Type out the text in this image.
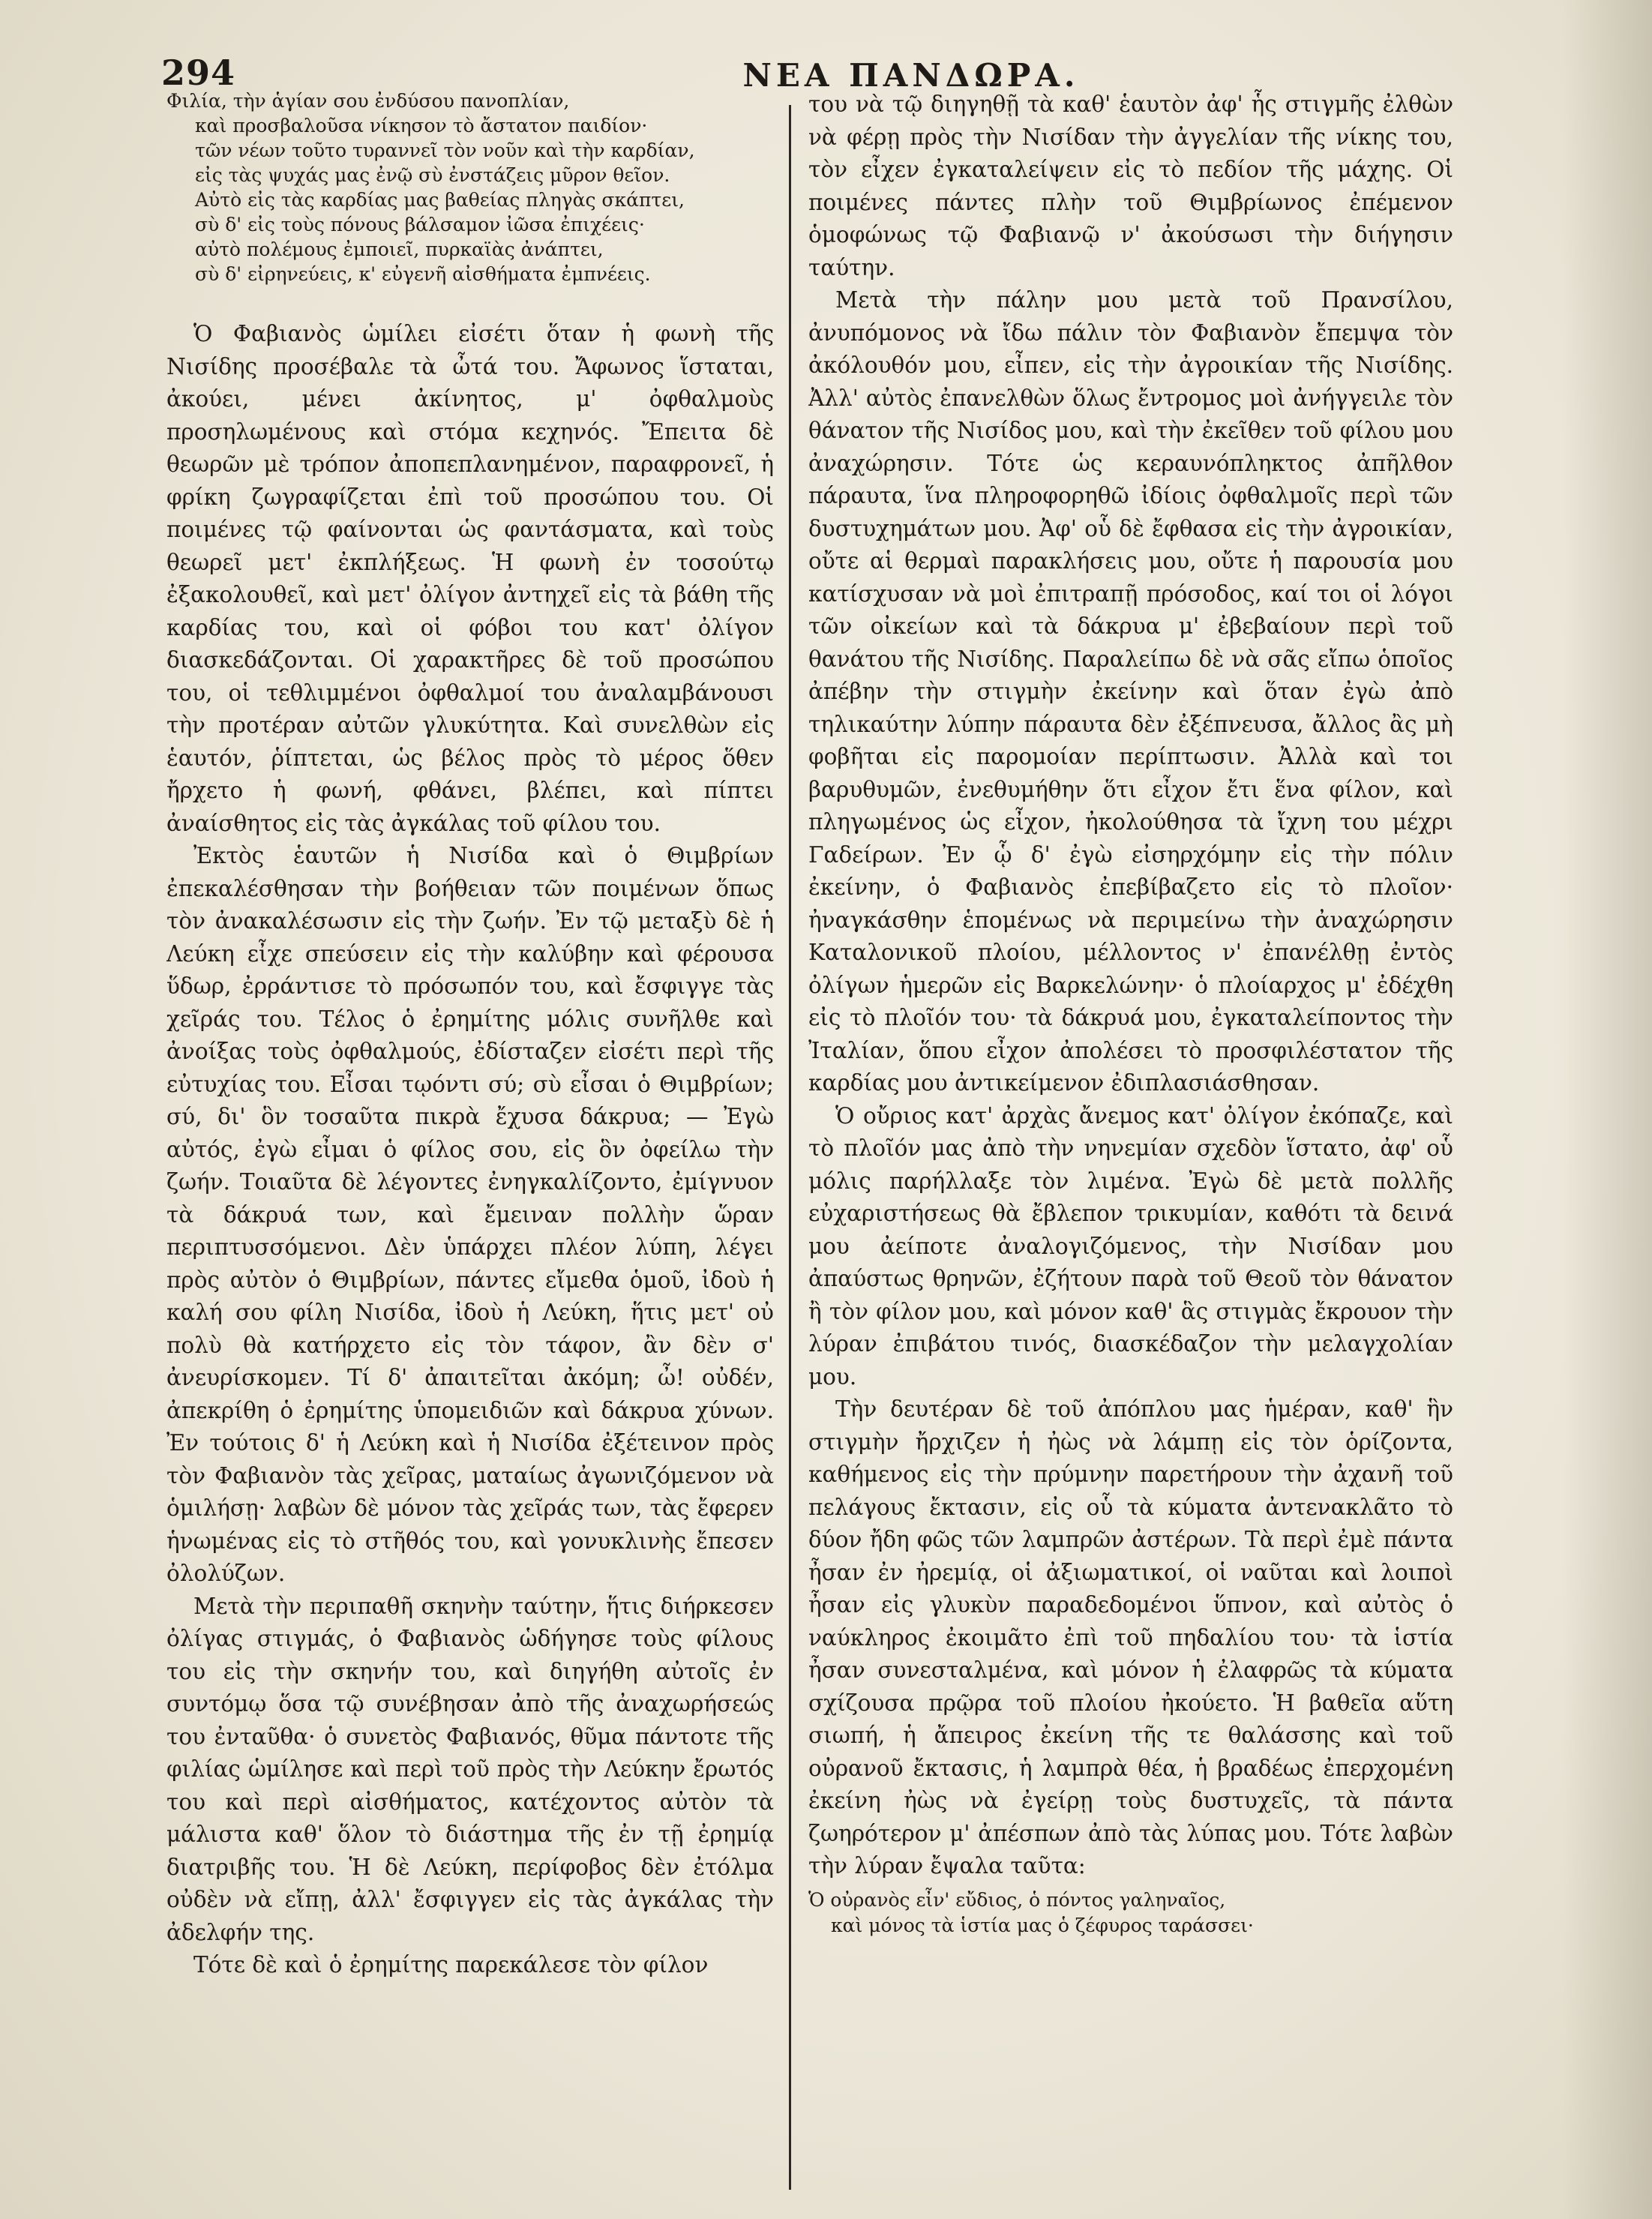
294	ΝΕΑ ΠΑΝΔΩΡΑ.
Φιλία, τὴν ἁγίαν σου ἐνδύσου πανοπλίαν,
καὶ προσβαλοῦσα νίκησον τὸ ἄστατον παιδίον·
τῶν νέων τοῦτο τυραννεῖ τὸν νοῦν καὶ τὴν καρδίαν,
εἰς τὰς ψυχάς μας ἐνῷ σὺ ἐνστάζεις μῦρον θεῖον.
Αὐτὸ εἰς τὰς καρδίας μας βαθείας πληγὰς σκάπτει,
σὺ δ' εἰς τοὺς πόνους βάλσαμον ἰῶσα ἐπιχέεις·
αὐτὸ πολέμους ἐμποιεῖ, πυρκαϊὰς ἀνάπτει,
σὺ δ' εἰρηνεύεις, κ' εὐγενῆ αἰσθήματα ἐμπνέεις.

Ὁ Φαβιανὸς ὡμίλει εἰσέτι ὅταν ἡ φωνὴ τῆς Νισίδης προσέβαλε τὰ ὦτά του. Ἄφωνος ἵσταται, ἀκούει, μένει ἀκίνητος, μ' ὀφθαλμοὺς προσηλωμένους καὶ στόμα κεχηνός. Ἔπειτα δὲ θεωρῶν μὲ τρόπον ἀποπεπλανημένον, παραφρονεῖ, ἡ φρίκη ζωγραφίζεται ἐπὶ τοῦ προσώπου του. Οἱ ποιμένες τῷ φαίνονται ὡς φαντάσματα, καὶ τοὺς θεωρεῖ μετ' ἐκπλήξεως. Ἡ φωνὴ ἐν τοσούτῳ ἐξακολουθεῖ, καὶ μετ' ὀλίγον ἀντηχεῖ εἰς τὰ βάθη τῆς καρδίας του, καὶ οἱ φόβοι του κατ' ὀλίγον διασκεδάζονται. Οἱ χαρακτῆρες δὲ τοῦ προσώπου του, οἱ τεθλιμμένοι ὀφθαλμοί του ἀναλαμβάνουσι τὴν προτέραν αὐτῶν γλυκύτητα. Καὶ συνελθὼν εἰς ἑαυτόν, ῥίπτεται, ὡς βέλος πρὸς τὸ μέρος ὅθεν ἤρχετο ἡ φωνή, φθάνει, βλέπει, καὶ πίπτει ἀναίσθητος εἰς τὰς ἀγκάλας τοῦ φίλου του.

Ἐκτὸς ἑαυτῶν ἡ Νισίδα καὶ ὁ Θιμβρίων ἐπεκαλέσθησαν τὴν βοήθειαν τῶν ποιμένων ὅπως τὸν ἀνακαλέσωσιν εἰς τὴν ζωήν. Ἐν τῷ μεταξὺ δὲ ἡ Λεύκη εἶχε σπεύσειν εἰς τὴν καλύβην καὶ φέρουσα ὕδωρ, ἐρράντισε τὸ πρόσωπόν του, καὶ ἔσφιγγε τὰς χεῖράς του. Τέλος ὁ ἐρημίτης μόλις συνῆλθε καὶ ἀνοίξας τοὺς ὀφθαλμούς, ἐδίσταζεν εἰσέτι περὶ τῆς εὐτυχίας του. Εἶσαι τῳόντι σύ; σὺ εἶσαι ὁ Θιμβρίων; σύ, δι' ὃν τοσαῦτα πικρὰ ἔχυσα δάκρυα; — Ἐγὼ αὐτός, ἐγὼ εἶμαι ὁ φίλος σου, εἰς ὃν ὀφείλω τὴν ζωήν. Τοιαῦτα δὲ λέγοντες ἐνηγκαλίζοντο, ἐμίγνυον τὰ δάκρυά των, καὶ ἔμειναν πολλὴν ὥραν περιπτυσσόμενοι. Δὲν ὑπάρχει πλέον λύπη, λέγει πρὸς αὐτὸν ὁ Θιμβρίων, πάντες εἴμεθα ὁμοῦ, ἰδοὺ ἡ καλή σου φίλη Νισίδα, ἰδοὺ ἡ Λεύκη, ἥτις μετ' οὐ πολὺ θὰ κατήρχετο εἰς τὸν τάφον, ἂν δὲν σ' ἀνευρίσκομεν. Τί δ' ἀπαιτεῖται ἀκόμη; ὦ! οὐδέν, ἀπεκρίθη ὁ ἐρημίτης ὑπομειδιῶν καὶ δάκρυα χύνων. Ἐν τούτοις δ' ἡ Λεύκη καὶ ἡ Νισίδα ἐξέτεινον πρὸς τὸν Φαβιανὸν τὰς χεῖρας, ματαίως ἀγωνιζόμενον νὰ ὁμιλήσῃ· λαβὼν δὲ μόνον τὰς χεῖράς των, τὰς ἔφερεν ἡνωμένας εἰς τὸ στῆθός του, καὶ γονυκλινὴς ἔπεσεν ὀλολύζων.

Μετὰ τὴν περιπαθῆ σκηνὴν ταύτην, ἥτις διήρκεσεν ὀλίγας στιγμάς, ὁ Φαβιανὸς ὡδήγησε τοὺς φίλους του εἰς τὴν σκηνήν του, καὶ διηγήθη αὐτοῖς ἐν συντόμῳ ὅσα τῷ συνέβησαν ἀπὸ τῆς ἀναχωρήσεώς του ἐνταῦθα· ὁ συνετὸς Φαβιανός, θῦμα πάντοτε τῆς φιλίας ὡμίλησε καὶ περὶ τοῦ πρὸς τὴν Λεύκην ἔρωτός του καὶ περὶ αἰσθήματος, κατέχοντος αὐτὸν τὰ μάλιστα καθ' ὅλον τὸ διάστημα τῆς ἐν τῇ ἐρημίᾳ διατριβῆς του. Ἡ δὲ Λεύκη, περίφοβος δὲν ἐτόλμα οὐδὲν νὰ εἴπῃ, ἀλλ' ἔσφιγγεν εἰς τὰς ἀγκάλας τὴν ἀδελφήν της.

Τότε δὲ καὶ ὁ ἐρημίτης παρεκάλεσε τὸν φίλον

του νὰ τῷ διηγηθῇ τὰ καθ' ἑαυτὸν ἀφ' ἧς στιγμῆς ἐλθὼν νὰ φέρῃ πρὸς τὴν Νισίδαν τὴν ἀγγελίαν τῆς νίκης του, τὸν εἶχεν ἐγκαταλείψειν εἰς τὸ πεδίον τῆς μάχης. Οἱ ποιμένες πάντες πλὴν τοῦ Θιμβρίωνος ἐπέμενον ὁμοφώνως τῷ Φαβιανῷ ν' ἀκούσωσι τὴν διήγησιν ταύτην.

Μετὰ τὴν πάλην μου μετὰ τοῦ Πρανσίλου, ἀνυπόμονος νὰ ἴδω πάλιν τὸν Φαβιανὸν ἔπεμψα τὸν ἀκόλουθόν μου, εἶπεν, εἰς τὴν ἀγροικίαν τῆς Νισίδης. Ἀλλ' αὐτὸς ἐπανελθὼν ὅλως ἔντρομος μοὶ ἀνήγγειλε τὸν θάνατον τῆς Νισίδος μου, καὶ τὴν ἐκεῖθεν τοῦ φίλου μου ἀναχώρησιν. Τότε ὡς κεραυνόπληκτος ἀπῆλθον πάραυτα, ἵνα πληροφορηθῶ ἰδίοις ὀφθαλμοῖς περὶ τῶν δυστυχημάτων μου. Ἀφ' οὗ δὲ ἔφθασα εἰς τὴν ἀγροικίαν, οὔτε αἱ θερμαὶ παρακλήσεις μου, οὔτε ἡ παρουσία μου κατίσχυσαν νὰ μοὶ ἐπιτραπῇ πρόσοδος, καί τοι οἱ λόγοι τῶν οἰκείων καὶ τὰ δάκρυα μ' ἐβεβαίουν περὶ τοῦ θανάτου τῆς Νισίδης. Παραλείπω δὲ νὰ σᾶς εἴπω ὁποῖος ἀπέβην τὴν στιγμὴν ἐκείνην καὶ ὅταν ἐγὼ ἀπὸ τηλικαύτην λύπην πάραυτα δὲν ἐξέπνευσα, ἄλλος ἂς μὴ φοβῆται εἰς παρομοίαν περίπτωσιν. Ἀλλὰ καὶ τοι βαρυθυμῶν, ἐνεθυμήθην ὅτι εἶχον ἔτι ἕνα φίλον, καὶ πληγωμένος ὡς εἶχον, ἠκολούθησα τὰ ἴχνη του μέχρι Γαδείρων. Ἐν ᾧ δ' ἐγὼ εἰσηρχόμην εἰς τὴν πόλιν ἐκείνην, ὁ Φαβιανὸς ἐπεβίβαζετο εἰς τὸ πλοῖον· ἠναγκάσθην ἑπομένως νὰ περιμείνω τὴν ἀναχώρησιν Καταλονικοῦ πλοίου, μέλλοντος ν' ἐπανέλθῃ ἐντὸς ὀλίγων ἡμερῶν εἰς Βαρκελώνην· ὁ πλοίαρχος μ' ἐδέχθη εἰς τὸ πλοῖόν του· τὰ δάκρυά μου, ἐγκαταλείποντος τὴν Ἰταλίαν, ὅπου εἶχον ἀπολέσει τὸ προσφιλέστατον τῆς καρδίας μου ἀντικείμενον ἐδιπλασιάσθησαν.

Ὁ οὔριος κατ' ἀρχὰς ἄνεμος κατ' ὀλίγον ἐκόπαζε, καὶ τὸ πλοῖόν μας ἀπὸ τὴν νηνεμίαν σχεδὸν ἵστατο, ἀφ' οὗ μόλις παρήλλαξε τὸν λιμένα. Ἐγὼ δὲ μετὰ πολλῆς εὐχαριστήσεως θὰ ἔβλεπον τρικυμίαν, καθότι τὰ δεινά μου ἀείποτε ἀναλογιζόμενος, τὴν Νισίδαν μου ἀπαύστως θρηνῶν, ἐζήτουν παρὰ τοῦ Θεοῦ τὸν θάνατον ἢ τὸν φίλον μου, καὶ μόνον καθ' ἃς στιγμὰς ἔκρουον τὴν λύραν ἐπιβάτου τινός, διασκέδαζον τὴν μελαγχολίαν μου.

Τὴν δευτέραν δὲ τοῦ ἀπόπλου μας ἡμέραν, καθ' ἣν στιγμὴν ἤρχιζεν ἡ ἠὼς νὰ λάμπῃ εἰς τὸν ὁρίζοντα, καθήμενος εἰς τὴν πρύμνην παρετήρουν τὴν ἀχανῆ τοῦ πελάγους ἔκτασιν, εἰς οὗ τὰ κύματα ἀντενακλᾶτο τὸ δύον ἤδη φῶς τῶν λαμπρῶν ἀστέρων. Τὰ περὶ ἐμὲ πάντα ἦσαν ἐν ἠρεμίᾳ, οἱ ἀξιωματικοί, οἱ ναῦται καὶ λοιποὶ ἦσαν εἰς γλυκὺν παραδεδομένοι ὕπνον, καὶ αὐτὸς ὁ ναύκληρος ἐκοιμᾶτο ἐπὶ τοῦ πηδαλίου του· τὰ ἱστία ἦσαν συνεσταλμένα, καὶ μόνον ἡ ἐλαφρῶς τὰ κύματα σχίζουσα πρῷρα τοῦ πλοίου ἠκούετο. Ἡ βαθεῖα αὕτη σιωπή, ἡ ἄπειρος ἐκείνη τῆς τε θαλάσσης καὶ τοῦ οὐρανοῦ ἔκτασις, ἡ λαμπρὰ θέα, ἡ βραδέως ἐπερχομένη ἐκείνη ἠὼς νὰ ἐγείρῃ τοὺς δυστυχεῖς, τὰ πάντα ζωηρότερον μ' ἀπέσπων ἀπὸ τὰς λύπας μου. Τότε λαβὼν τὴν λύραν ἔψαλα ταῦτα:

Ὁ οὐρανὸς εἶν' εὔδιος, ὁ πόντος γαληναῖος,
καὶ μόνος τὰ ἱστία μας ὁ ζέφυρος ταράσσει·
